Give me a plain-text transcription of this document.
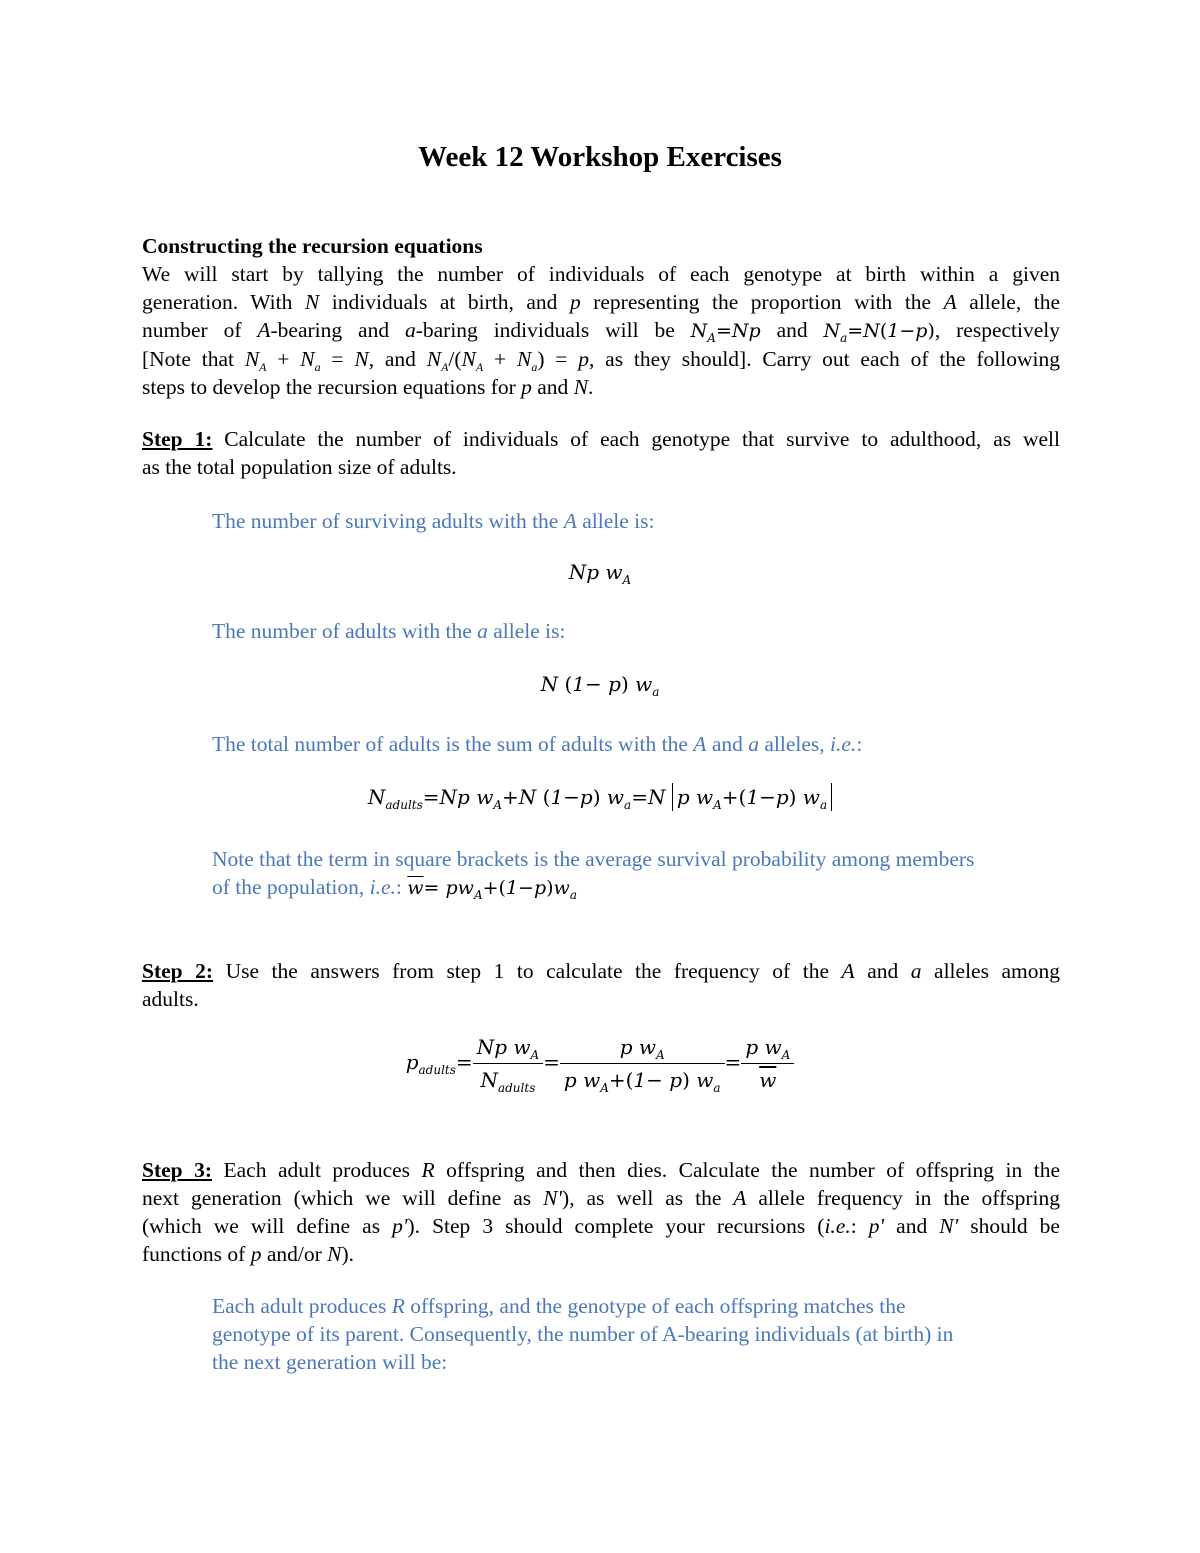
Week 12 Workshop Exercises
Constructing the recursion equations
We will start by tallying the number of individuals of each genotype at birth within a given
generation. With N individuals at birth, and p representing the proportion with the A allele, the
number of A-bearing and a-baring individuals will be $N_A=Np$ and $N_a=N(1-p)$, respectively
[Note that $N_A + N_a = N$, and $N_A/(N_A + N_a) = p$, as they should]. Carry out each of the following
steps to develop the recursion equations for p and N.
Step 1: Calculate the number of individuals of each genotype that survive to adulthood, as well
as the total population size of adults.
The number of surviving adults with the A allele is:
Np $w_A$
The number of adults with the a allele is:
N (1− p) $w_a$
The total number of adults is the sum of adults with the A and a alleles, i.e.:
$N_{adults}=Np$ $w_A+N$ (1−p) $w_a=N$ p $w_A+(1-p)$ $w_a$
Note that the term in square brackets is the average survival probability among members
of the population, i.e.: $\overline{w}= pw_A+(1-p)w_a$
Step 2: Use the answers from step 1 to calculate the frequency of the A and a alleles among
adults.
$p_{adults}= \frac{Np w_A}{N_{adults}} = \frac{p w_A}{p w_A+(1- p) w_a} = \frac{p w_A}{w}$
Step 3: Each adult produces R offspring and then dies. Calculate the number of offspring in the
next generation (which we will define as N'), as well as the A allele frequency in the offspring
(which we will define as p'). Step 3 should complete your recursions (i.e.: p' and N' should be
functions of p and/or N).
Each adult produces R offspring, and the genotype of each offspring matches the
genotype of its parent. Consequently, the number of A-bearing individuals (at birth) in
the next generation will be:
